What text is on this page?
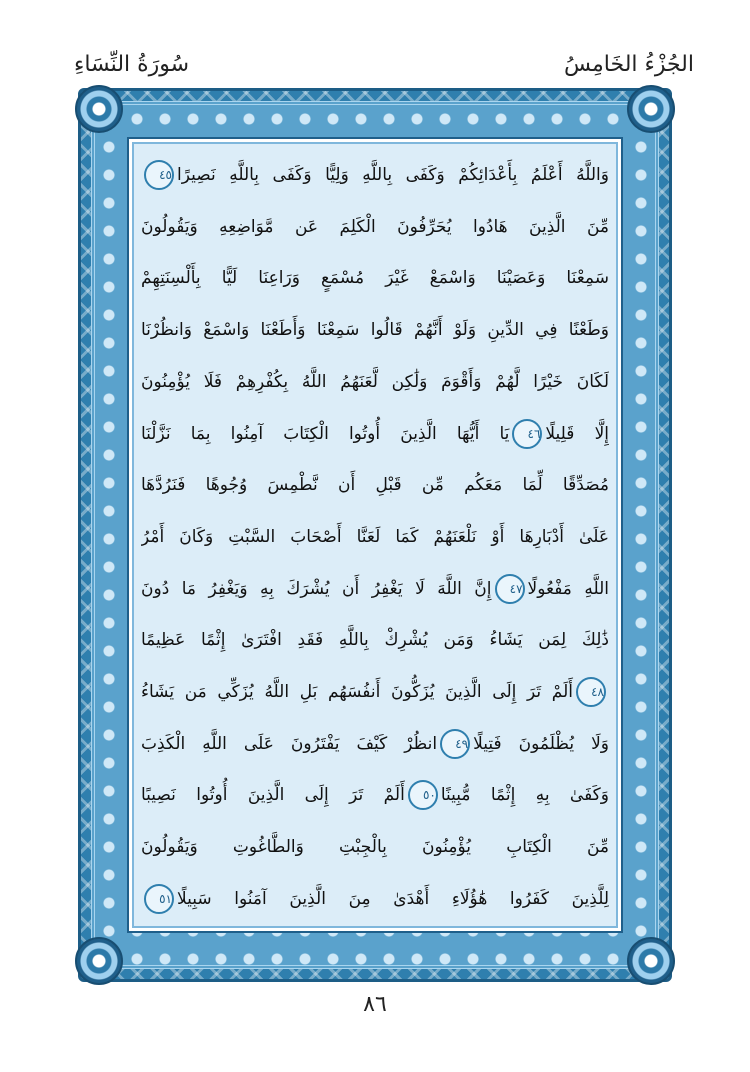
الجُزْءُ الخَامِسُ
سُورَةُ النِّسَاءِ
وَاللَّهُ أَعْلَمُ بِأَعْدَائِكُمْ وَكَفَى بِاللَّهِ وَلِيًّا وَكَفَى بِاللَّهِ نَصِيرًا٤٥
مِّنَ الَّذِينَ هَادُوا يُحَرِّفُونَ الْكَلِمَ عَن مَّوَاضِعِهِ وَيَقُولُونَ
سَمِعْنَا وَعَصَيْنَا وَاسْمَعْ غَيْرَ مُسْمَعٍ وَرَاعِنَا لَيًّا بِأَلْسِنَتِهِمْ
وَطَعْنًا فِي الدِّينِ وَلَوْ أَنَّهُمْ قَالُوا سَمِعْنَا وَأَطَعْنَا وَاسْمَعْ وَانظُرْنَا
لَكَانَ خَيْرًا لَّهُمْ وَأَقْوَمَ وَلَٰكِن لَّعَنَهُمُ اللَّهُ بِكُفْرِهِمْ فَلَا يُؤْمِنُونَ
إِلَّا قَلِيلًا٤٦يَا أَيُّهَا الَّذِينَ أُوتُوا الْكِتَابَ آمِنُوا بِمَا نَزَّلْنَا
مُصَدِّقًا لِّمَا مَعَكُم مِّن قَبْلِ أَن نَّطْمِسَ وُجُوهًا فَنَرُدَّهَا
عَلَىٰ أَدْبَارِهَا أَوْ نَلْعَنَهُمْ كَمَا لَعَنَّا أَصْحَابَ السَّبْتِ وَكَانَ أَمْرُ
اللَّهِ مَفْعُولًا٤٧إِنَّ اللَّهَ لَا يَغْفِرُ أَن يُشْرَكَ بِهِ وَيَغْفِرُ مَا دُونَ
ذَٰلِكَ لِمَن يَشَاءُ وَمَن يُشْرِكْ بِاللَّهِ فَقَدِ افْتَرَىٰ إِثْمًا عَظِيمًا
٤٨أَلَمْ تَرَ إِلَى الَّذِينَ يُزَكُّونَ أَنفُسَهُم بَلِ اللَّهُ يُزَكِّي مَن يَشَاءُ
وَلَا يُظْلَمُونَ فَتِيلًا٤٩انظُرْ كَيْفَ يَفْتَرُونَ عَلَى اللَّهِ الْكَذِبَ
وَكَفَىٰ بِهِ إِثْمًا مُّبِينًا٥٠أَلَمْ تَرَ إِلَى الَّذِينَ أُوتُوا نَصِيبًا
مِّنَ الْكِتَابِ يُؤْمِنُونَ بِالْجِبْتِ وَالطَّاغُوتِ وَيَقُولُونَ
لِلَّذِينَ كَفَرُوا هَٰؤُلَاءِ أَهْدَىٰ مِنَ الَّذِينَ آمَنُوا سَبِيلًا٥١
٨٦
